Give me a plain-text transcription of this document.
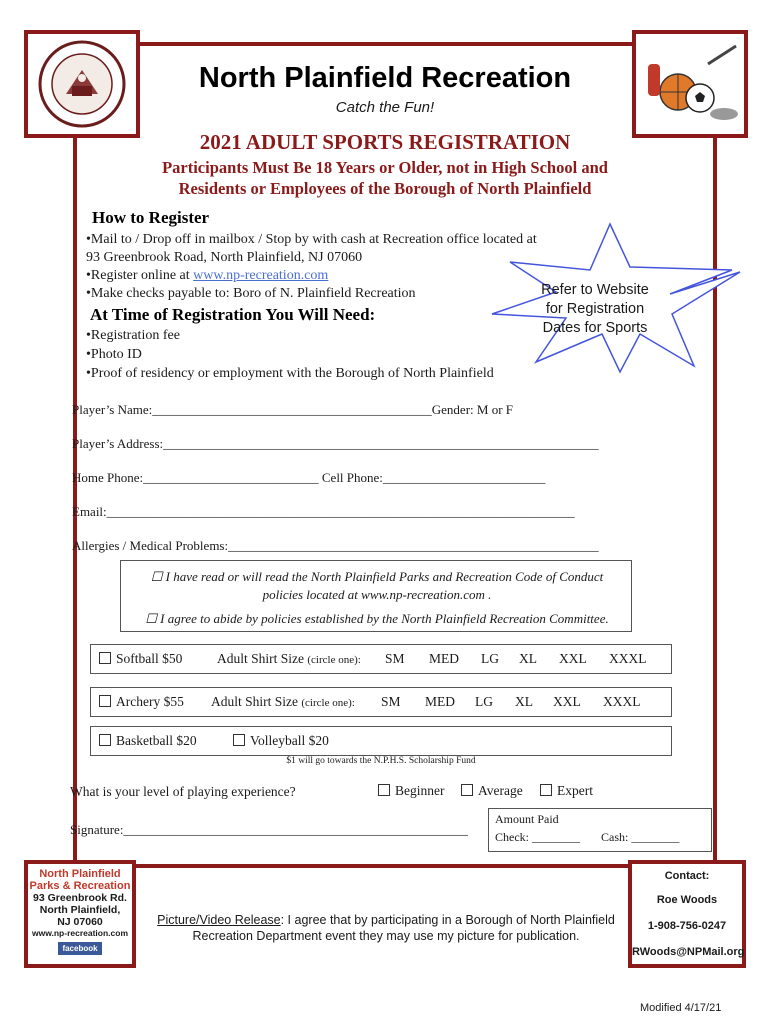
North Plainfield Recreation
Catch the Fun!
2021 ADULT SPORTS REGISTRATION
Participants Must Be 18 Years or Older, not in High School and
Residents or Employees of the Borough of North Plainfield
How to Register
•Mail to / Drop off in mailbox / Stop by with cash at Recreation office located at
93 Greenbrook Road, North Plainfield, NJ 07060
•Register online at www.np-recreation.com
•Make checks payable to: Boro of N. Plainfield Recreation	Refer to Website
for Registration
Dates for Sports
At Time of Registration You Will Need:
•Registration fee
•Photo ID
•Proof of residency or employment with the Borough of North Plainfield
Player’s Name:___________________________________________Gender: M or F
Player’s Address:___________________________________________________________________
Home Phone:___________________________ Cell Phone:_________________________
Email:________________________________________________________________________
Allergies / Medical Problems:_________________________________________________________
☐ I have read or will read the North Plainfield Parks and Recreation Code of Conduct
policies located at www.np-recreation.com .
☐ I agree to abide by policies established by the North Plainfield Recreation Committee.
Softball $50	Adult Shirt Size (circle one): SM MED LG XL XXL XXXL
Archery $55 Adult Shirt Size (circle one): SM MED LG XL XXL XXXL
Basketball $20	Volleyball $20
$1 will go towards the N.P.H.S. Scholarship Fund
What is your level of playing experience?	Beginner	Average	Expert
Signature:_____________________________________________________
Amount Paid
Check: ________ Cash: ________
North Plainfield
Parks & Recreation
93 Greenbrook Rd.
North Plainfield,
NJ 07060
www.np-recreation.com
facebook
Picture/Video Release: I agree that by participating in a Borough of North Plainfield Recreation Department event they may use my picture for publication.
Contact:
Roe Woods
1-908-756-0247
RWoods@NPMail.org
Modified 4/17/21
